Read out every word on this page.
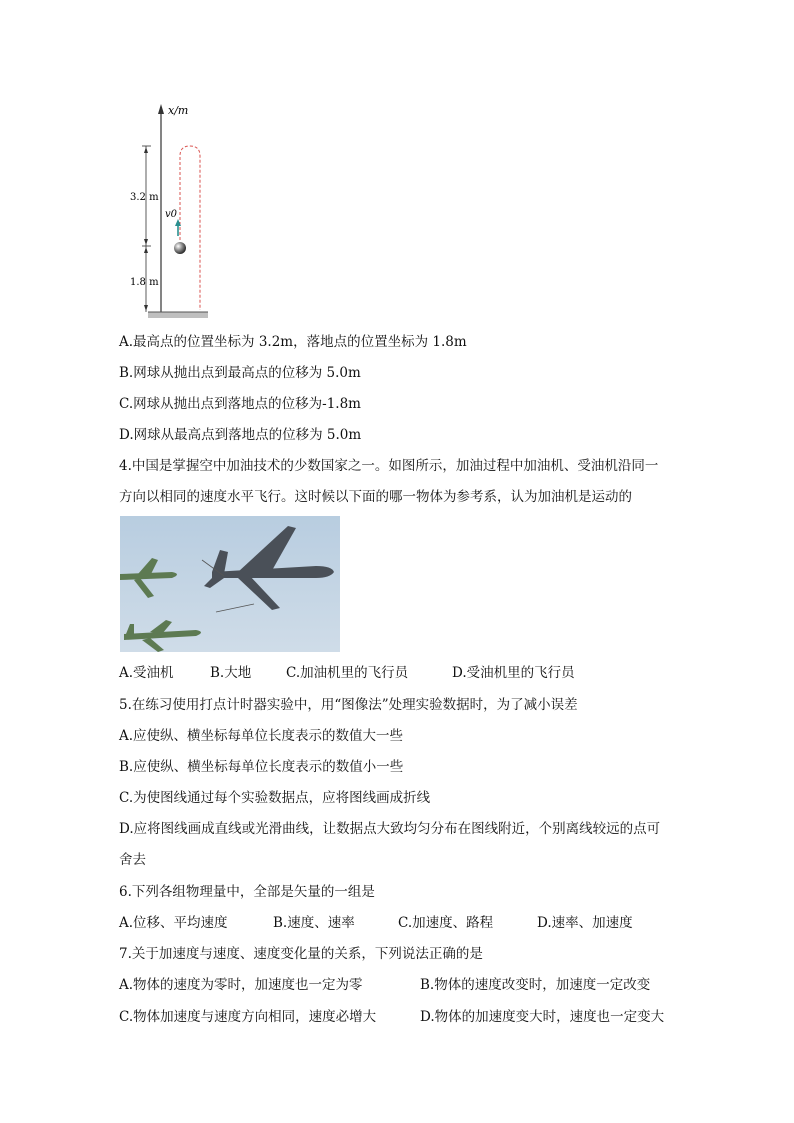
x/m
3.2 m
1.8 m
v0
A.最高点的位置坐标为 3.2m，落地点的位置坐标为 1.8m
B.网球从抛出点到最高点的位移为 5.0m
C.网球从抛出点到落地点的位移为-1.8m
D.网球从最高点到落地点的位移为 5.0m
4.中国是掌握空中加油技术的少数国家之一。如图所示，加油过程中加油机、受油机沿同一
方向以相同的速度水平飞行。这时候以下面的哪一物体为参考系，认为加油机是运动的
A.受油机	B.大地	C.加油机里的飞行员	D.受油机里的飞行员
5.在练习使用打点计时器实验中，用“图像法”处理实验数据时，为了减小误差
A.应使纵、横坐标每单位长度表示的数值大一些
B.应使纵、横坐标每单位长度表示的数值小一些
C.为使图线通过每个实验数据点，应将图线画成折线
D.应将图线画成直线或光滑曲线，让数据点大致均匀分布在图线附近，个别离线较远的点可
舍去
6.下列各组物理量中，全部是矢量的一组是
A.位移、平均速度	B.速度、速率	C.加速度、路程	D.速率、加速度
7.关于加速度与速度、速度变化量的关系，下列说法正确的是
A.物体的速度为零时，加速度也一定为零	B.物体的速度改变时，加速度一定改变
C.物体加速度与速度方向相同，速度必增大	D.物体的加速度变大时，速度也一定变大
